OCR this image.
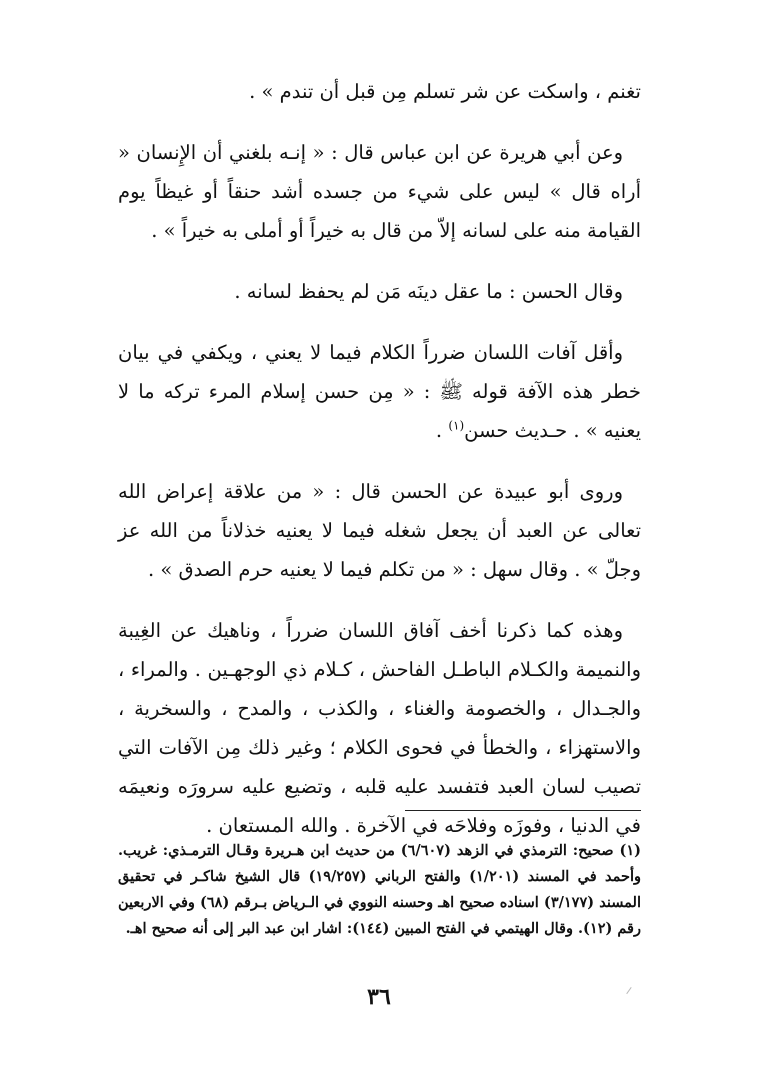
تغنم ، واسكت عن شر تسلم مِن قبل أن تندم » .

وعن أبي هريرة عن ابن عباس قال : « إنـه بلغني أن الإِنسان « أراه قال » ليس على شيء من جسده أشد حنقاً أو غيظاً يوم القيامة منه على لسانه إلاّ من قال به خيراً أو أملى به خيراً » .

وقال الحسن : ما عقل دينَه مَن لم يحفظ لسانه .

وأقل آفات اللسان ضرراً الكلام فيما لا يعني ، ويكفي في بيان خطر هذه الآفة قوله ﷺ : « مِن حسن إسلام المرء تركه ما لا يعنيه » . حـديث حسن$^{(١)}$ .

وروى أبو عبيدة عن الحسن قال : « من علاقة إعراض الله تعالى عن العبد أن يجعل شغله فيما لا يعنيه خذلاناً من الله عز وجلّ » . وقال سهل : « من تكلم فيما لا يعنيه حرم الصدق » .

وهذه كما ذكرنا أخف آفاق اللسان ضرراً ، وناهيك عن الغِيبة والنميمة والكـلام الباطـل الفاحش ، كـلام ذي الوجهـين . والمراء ، والجـدال ، والخصومة والغناء ، والكذب ، والمدح ، والسخرية ، والاستهزاء ، والخطأ في فحوى الكلام ؛ وغير ذلك مِن الآفات التي تصيب لسان العبد فتفسد عليه قلبه ، وتضيع عليه سرورَه ونعيمَه في الدنيا ، وفوزَه وفلاحَه في الآخرة . والله المستعان .

(١) صحيح: الترمذي في الزهد (٦/٦٠٧) من حديث ابن هـريرة وقـال الترمـذي: غريب. وأحمد في المسند (١/٢٠١) والفتح الرباني (١٩/٢٥٧) قال الشيخ شاكـر في تحقيق المسند (٣/١٧٧) اسناده صحيح اهـ وحسنه النووي في الـرياض بـرقم (٦٨) وفي الاربعين رقم (١٢). وقال الهيتمي في الفتح المبين (١٤٤): اشار ابن عبد البر إلى أنه صحيح اهـ.

٣٦
